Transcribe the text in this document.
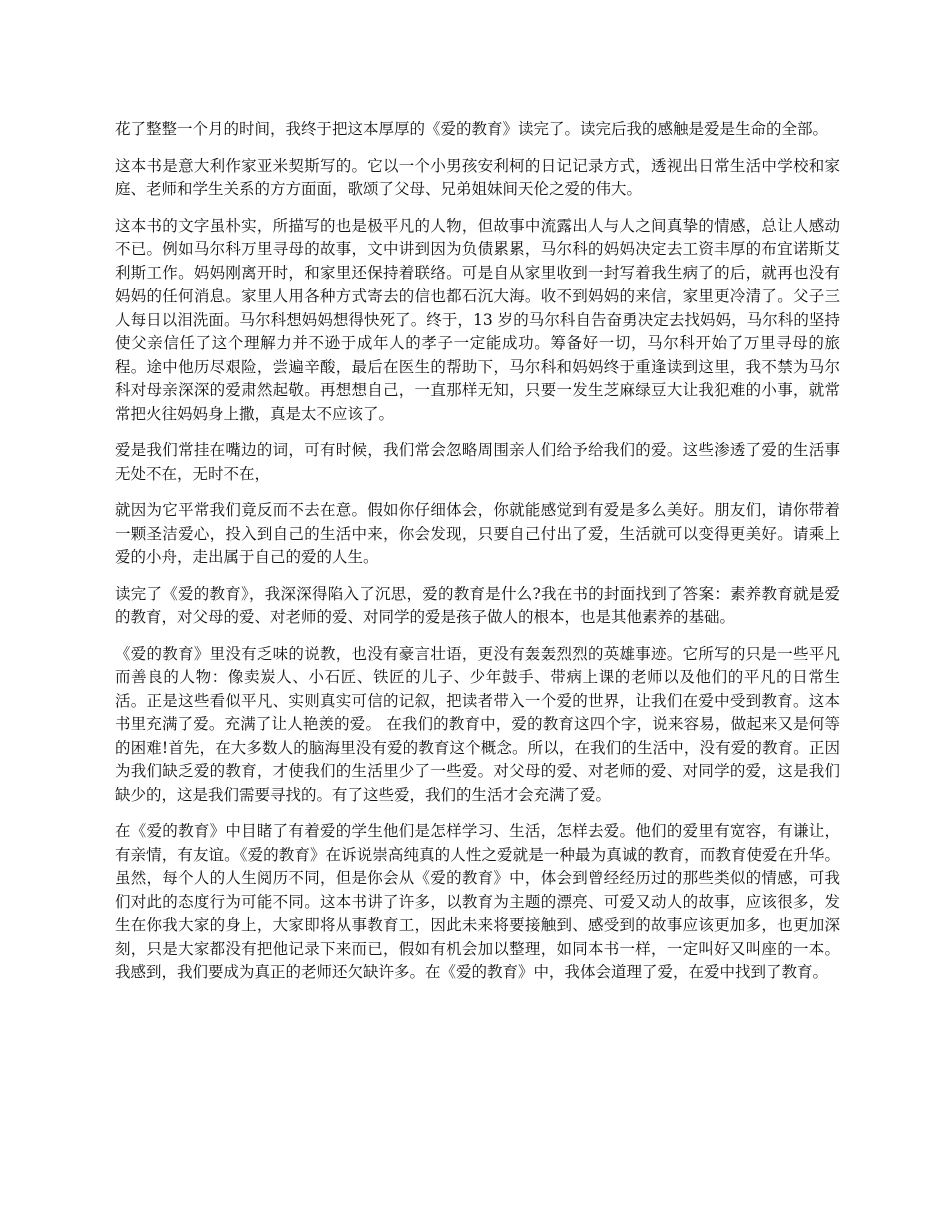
花了整整一个月的时间，我终于把这本厚厚的《爱的教育》读完了。读完后我的感触是爱是生命的全部。

这本书是意大利作家亚米契斯写的。它以一个小男孩安利柯的日记记录方式，透视出日常生活中学校和家庭、老师和学生关系的方方面面，歌颂了父母、兄弟姐妹间天伦之爱的伟大。

这本书的文字虽朴实，所描写的也是极平凡的人物，但故事中流露出人与人之间真挚的情感，总让人感动不已。例如马尔科万里寻母的故事，文中讲到因为负债累累，马尔科的妈妈决定去工资丰厚的布宜诺斯艾利斯工作。妈妈刚离开时，和家里还保持着联络。可是自从家里收到一封写着我生病了的后，就再也没有妈妈的任何消息。家里人用各种方式寄去的信也都石沉大海。收不到妈妈的来信，家里更冷清了。父子三人每日以泪洗面。马尔科想妈妈想得快死了。终于，13 岁的马尔科自告奋勇决定去找妈妈，马尔科的坚持使父亲信任了这个理解力并不逊于成年人的孝子一定能成功。筹备好一切，马尔科开始了万里寻母的旅程。途中他历尽艰险，尝遍辛酸，最后在医生的帮助下，马尔科和妈妈终于重逢读到这里，我不禁为马尔科对母亲深深的爱肃然起敬。再想想自己，一直那样无知，只要一发生芝麻绿豆大让我犯难的小事，就常常把火往妈妈身上撒，真是太不应该了。

爱是我们常挂在嘴边的词，可有时候，我们常会忽略周围亲人们给予给我们的爱。这些渗透了爱的生活事无处不在，无时不在，

就因为它平常我们竟反而不去在意。假如你仔细体会，你就能感觉到有爱是多么美好。朋友们，请你带着一颗圣洁爱心，投入到自己的生活中来，你会发现，只要自己付出了爱，生活就可以变得更美好。请乘上爱的小舟，走出属于自己的爱的人生。

读完了《爱的教育》，我深深得陷入了沉思，爱的教育是什么?我在书的封面找到了答案：素养教育就是爱的教育，对父母的爱、对老师的爱、对同学的爱是孩子做人的根本，也是其他素养的基础。

《爱的教育》里没有乏味的说教，也没有豪言壮语，更没有轰轰烈烈的英雄事迹。它所写的只是一些平凡而善良的人物：像卖炭人、小石匠、铁匠的儿子、少年鼓手、带病上课的老师以及他们的平凡的日常生活。正是这些看似平凡、实则真实可信的记叙，把读者带入一个爱的世界，让我们在爱中受到教育。这本书里充满了爱。充满了让人艳羡的爱。 在我们的教育中，爱的教育这四个字，说来容易，做起来又是何等的困难!首先，在大多数人的脑海里没有爱的教育这个概念。所以，在我们的生活中，没有爱的教育。正因为我们缺乏爱的教育，才使我们的生活里少了一些爱。对父母的爱、对老师的爱、对同学的爱，这是我们缺少的，这是我们需要寻找的。有了这些爱，我们的生活才会充满了爱。

在《爱的教育》中目睹了有着爱的学生他们是怎样学习、生活，怎样去爱。他们的爱里有宽容，有谦让，有亲情，有友谊。《爱的教育》在诉说崇高纯真的人性之爱就是一种最为真诚的教育，而教育使爱在升华。虽然，每个人的人生阅历不同，但是你会从《爱的教育》中，体会到曾经经历过的那些类似的情感，可我们对此的态度行为可能不同。这本书讲了许多，以教育为主题的漂亮、可爱又动人的故事，应该很多，发生在你我大家的身上，大家即将从事教育工，因此未来将要接触到、感受到的故事应该更加多，也更加深刻，只是大家都没有把他记录下来而已，假如有机会加以整理，如同本书一样，一定叫好又叫座的一本。我感到，我们要成为真正的老师还欠缺许多。在《爱的教育》中，我体会道理了爱，在爱中找到了教育。
